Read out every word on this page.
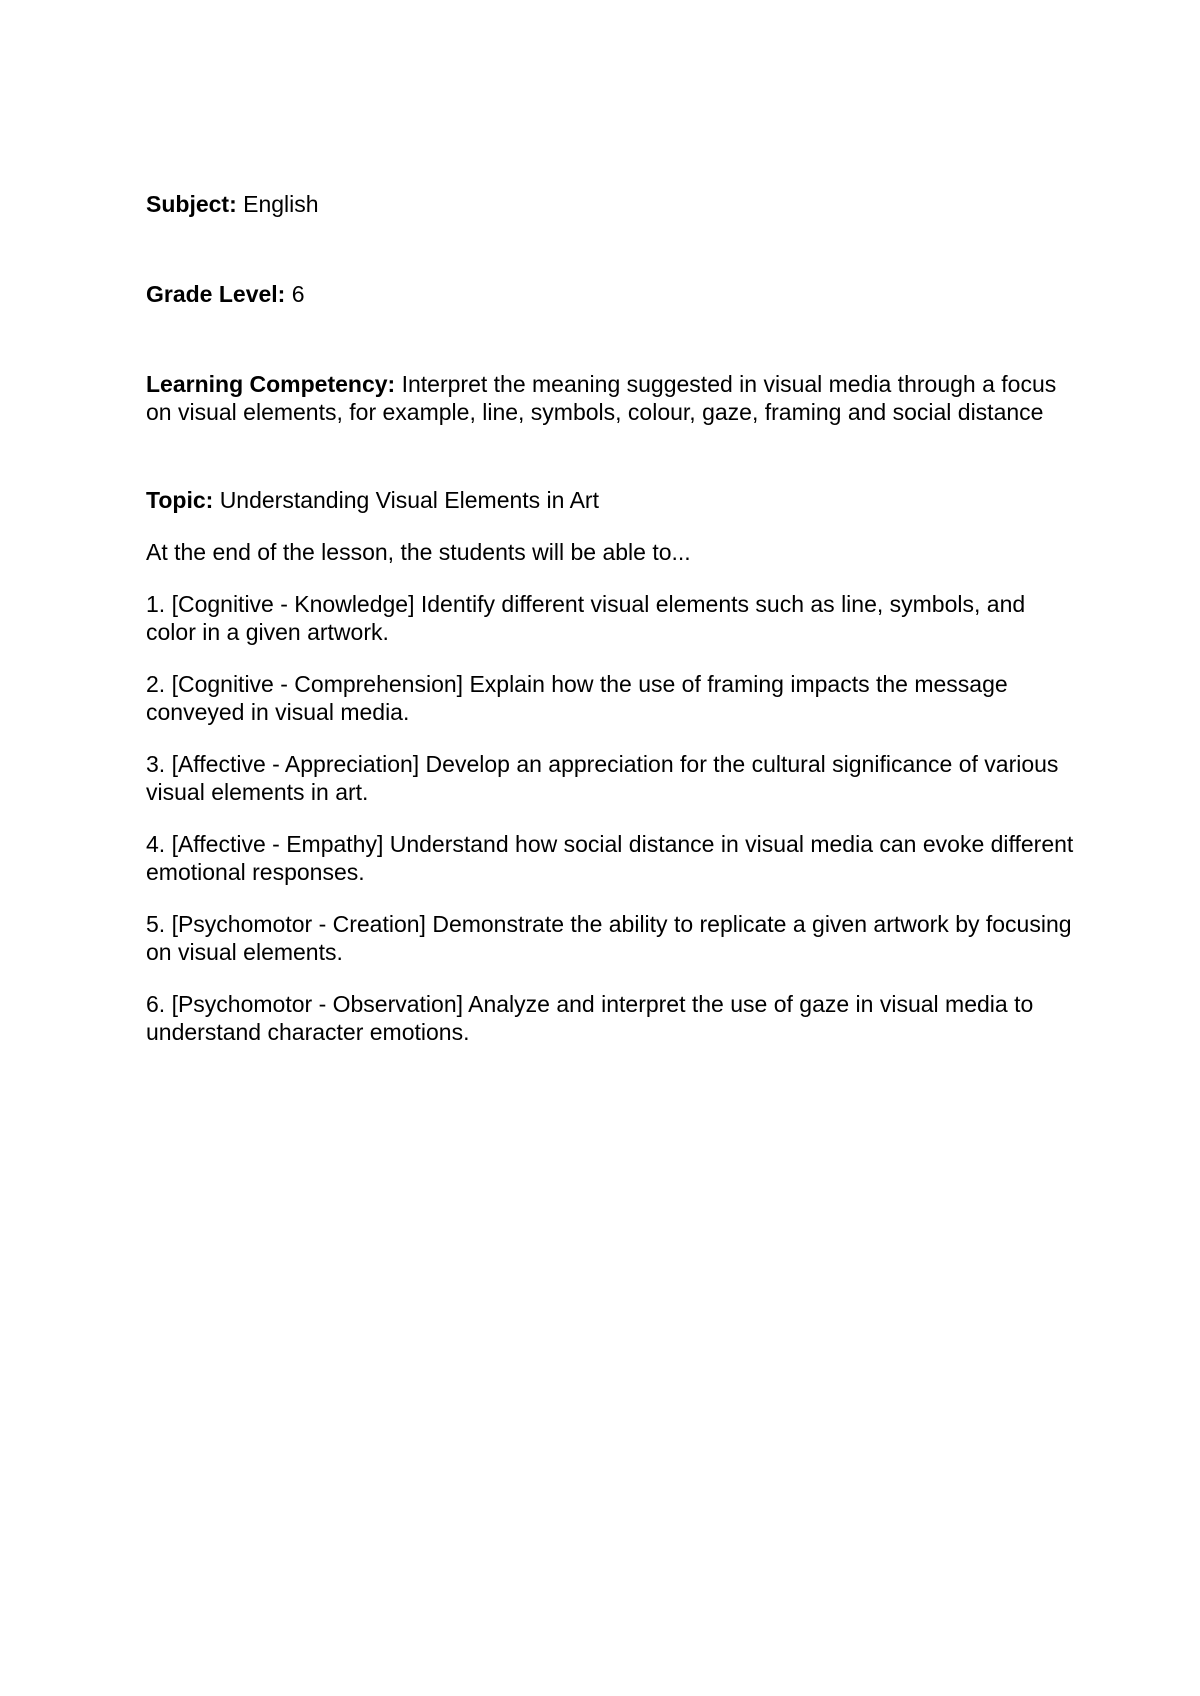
Subject: English

Grade Level: 6

Learning Competency: Interpret the meaning suggested in visual media through a focus on visual elements, for example, line, symbols, colour, gaze, framing and social distance

Topic: Understanding Visual Elements in Art

At the end of the lesson, the students will be able to...

1. [Cognitive - Knowledge] Identify different visual elements such as line, symbols, and color in a given artwork.
2. [Cognitive - Comprehension] Explain how the use of framing impacts the message conveyed in visual media.
3. [Affective - Appreciation] Develop an appreciation for the cultural significance of various visual elements in art.
4. [Affective - Empathy] Understand how social distance in visual media can evoke different emotional responses.
5. [Psychomotor - Creation] Demonstrate the ability to replicate a given artwork by focusing on visual elements.
6. [Psychomotor - Observation] Analyze and interpret the use of gaze in visual media to understand character emotions.
